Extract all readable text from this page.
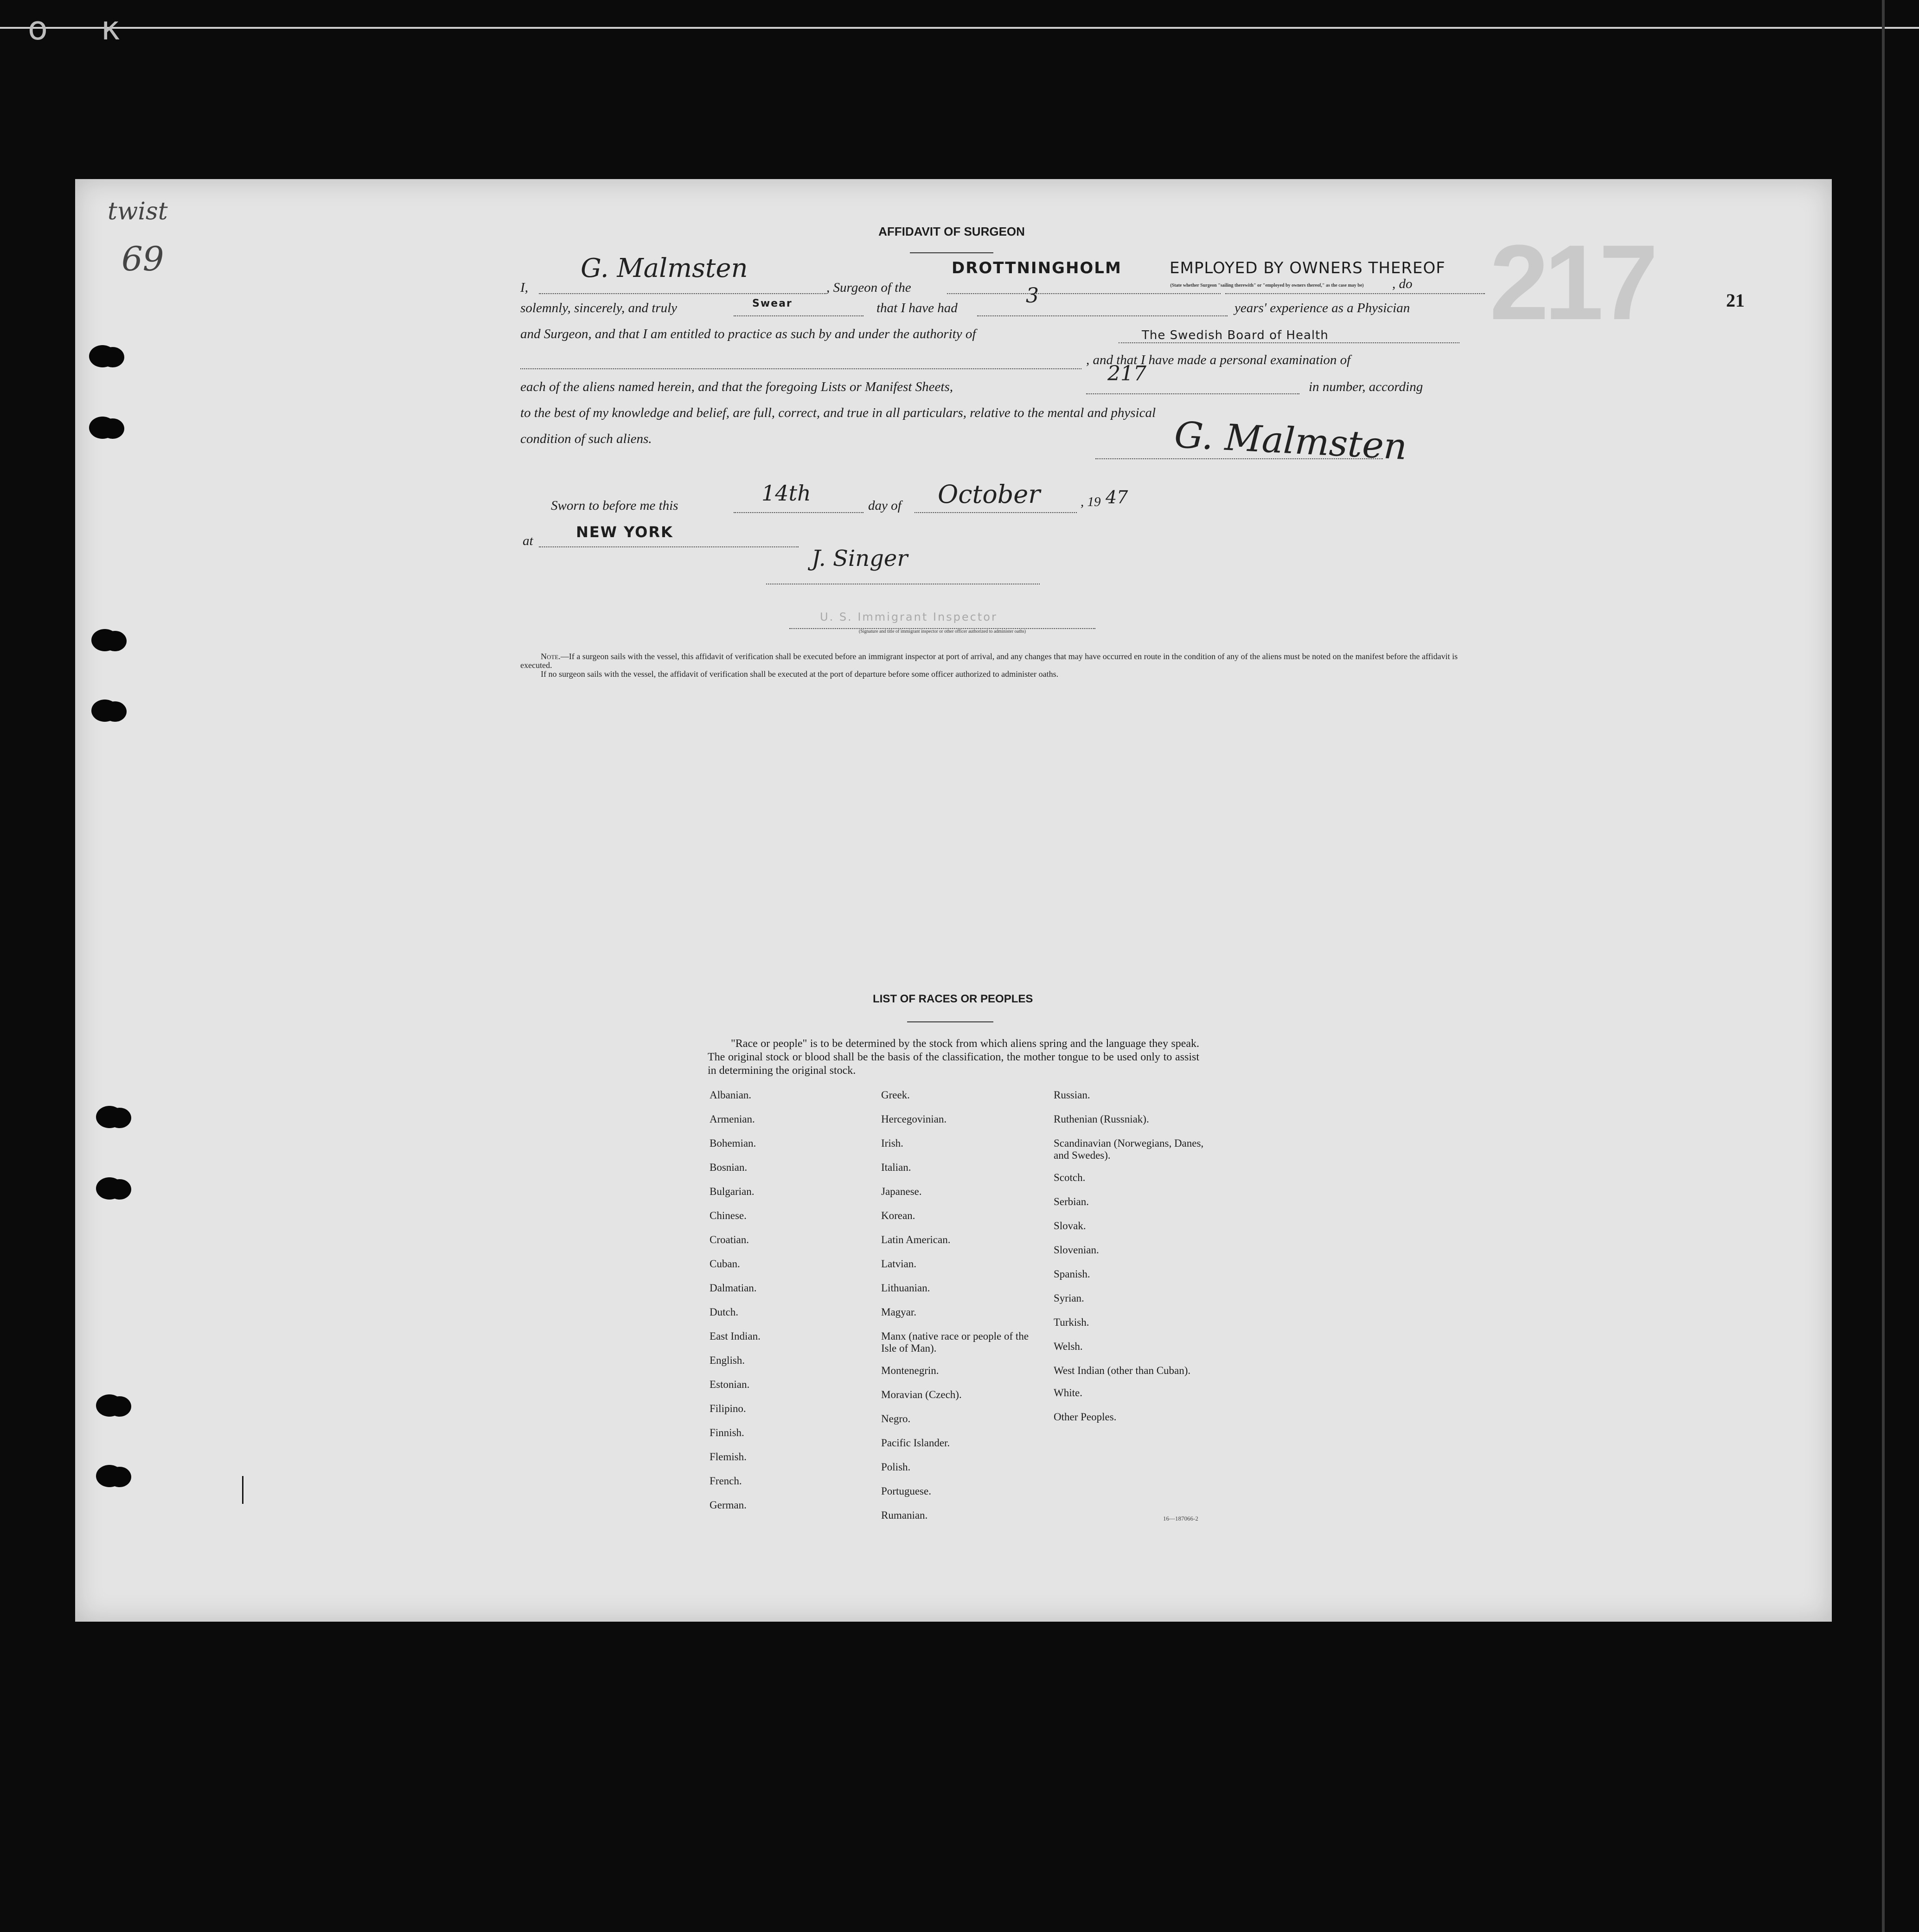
ο κ
twist
69	217	21
AFFIDAVIT OF SURGEON
I,
G. Malmsten
, Surgeon of the
DROTTNINGHOLM	EMPLOYED BY OWNERS THEREOF
(State whether Surgeon "sailing therewith" or "employed by owners thereof," as the case may be)	, do
solemnly, sincerely, and truly	Swear	that I have had
3
years' experience as a Physician
and Surgeon, and that I am entitled to practice as such by and under the authority of	The Swedish Board of Health
, and that I have made a personal examination of
each of the aliens named herein, and that the foregoing Lists or Manifest Sheets,
217
in number, according
to the best of my knowledge and belief, are full, correct, and true in all particulars, relative to the mental and physical
condition of such aliens.	G. Malmsten
Sworn to before me this	14th	day of October	, 19 47
at	NEW YORK
J. Singer
U. S. Immigrant Inspector
(Signature and title of immigrant inspector or other officer authorized to administer oaths)
Note.—If a surgeon sails with the vessel, this affidavit of verification shall be executed before an immigrant inspector at port of arrival, and any changes that may have occurred en route in the condition of any of the aliens must be noted on the manifest before the affidavit is executed.
If no surgeon sails with the vessel, the affidavit of verification shall be executed at the port of departure before some officer authorized to administer oaths.
LIST OF RACES OR PEOPLES
"Race or people" is to be determined by the stock from which aliens spring and the language they speak. The original stock or blood shall be the basis of the classification, the mother tongue to be used only to assist in determining the original stock.
Albanian.
Armenian.
Bohemian.
Bosnian.
Bulgarian.
Chinese.
Croatian.
Cuban.
Dalmatian.
Dutch.
East Indian.
English.
Estonian.
Filipino.
Finnish.
Flemish.
French.
German.
Greek.
Hercegovinian.
Irish.
Italian.
Japanese.
Korean.
Latin American.
Latvian.
Lithuanian.
Magyar.
Manx (native race or people of the Isle of Man).
Montenegrin.
Moravian (Czech).
Negro.
Pacific Islander.
Polish.
Portuguese.
Rumanian.
Russian.
Ruthenian (Russniak).
Scandinavian (Norwegians, Danes, and Swedes).
Scotch.
Serbian.
Slovak.
Slovenian.
Spanish.
Syrian.
Turkish.
Welsh.
West Indian (other than Cuban).
White.
Other Peoples.
16—187066-2
